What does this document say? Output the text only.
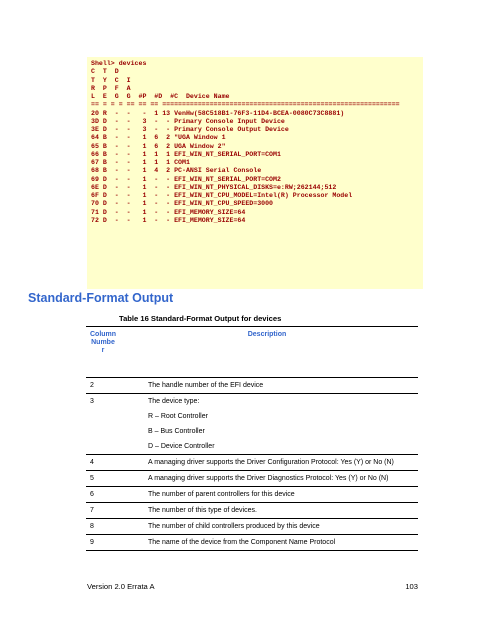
Shell> devices
C  T  D
T  Y  C  I
R  P  F  A
L  E  G  G  #P  #D  #C  Device Name
== = = = == == == ============================================================
20 R  -  -   -  1 13 VenHw(58C518B1-76F3-11D4-BCEA-0080C73C8881)
3D D  -  -   3  -  - Primary Console Input Device
3E D  -  -   3  -  - Primary Console Output Device
64 B  -  -   1  6  2 "UGA Window 1
65 B  -  -   1  6  2 UGA Window 2"
66 B  -  -   1  1  1 EFI_WIN_NT_SERIAL_PORT=COM1
67 B  -  -   1  1  1 COM1
68 B  -  -   1  4  2 PC-ANSI Serial Console
69 D  -  -   1  -  - EFI_WIN_NT_SERIAL_PORT=COM2
6E D  -  -   1  -  - EFI_WIN_NT_PHYSICAL_DISKS=e:RW;262144;512
6F D  -  -   1  -  - EFI_WIN_NT_CPU_MODEL=Intel(R) Processor Model
70 D  -  -   1  -  - EFI_WIN_NT_CPU_SPEED=3000
71 D  -  -   1  -  - EFI_MEMORY_SIZE=64
72 D  -  -   1  -  - EFI_MEMORY_SIZE=64
Standard-Format Output
Table 16 Standard-Format Output for devices
Column Numbe r
Description
2	The handle number of the EFI device

3	The device type:

R – Root Controller

B – Bus Controller

D – Device Controller

4	A managing driver supports the Driver Configuration Protocol: Yes (Y) or No (N)

5	A managing driver supports the Driver Diagnostics Protocol: Yes (Y) or No (N)

6	The number of parent controllers for this device

7	The number of this type of devices.

8	The number of child controllers produced by this device

9	The name of the device from the Component Name Protocol

Version 2.0 Errata A	103
